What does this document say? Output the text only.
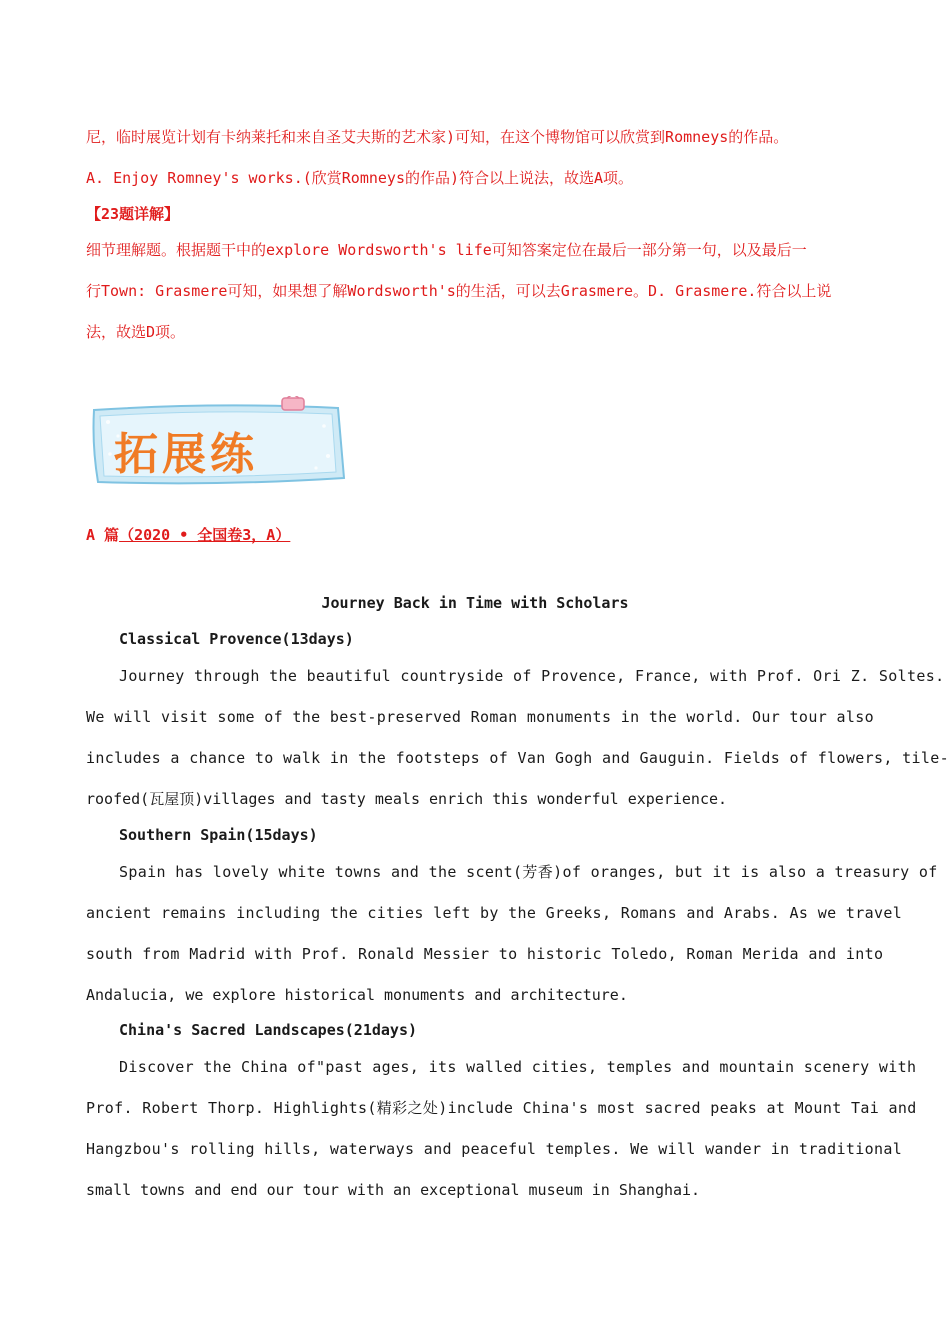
尼，临时展览计划有卡纳莱托和来自圣艾夫斯的艺术家)可知，在这个博物馆可以欣赏到Romneys的作品。
A. Enjoy Romney's works.(欣赏Romneys的作品)符合以上说法，故选A项。
【23题详解】
细节理解题。根据题干中的explore Wordsworth's life可知答案定位在最后一部分第一句，以及最后一
行Town: Grasmere可知，如果想了解Wordsworth's的生活，可以去Grasmere。D. Grasmere.符合以上说
法，故选D项。
拓展练
A 篇（2020 • 全国卷3，A）
Journey Back in Time with Scholars
Classical Provence(13days)
Journey through the beautiful countryside of Provence, France, with Prof. Ori Z. Soltes.
We will visit some of the best-preserved Roman monuments in the world. Our tour also
includes a chance to walk in the footsteps of Van Gogh and Gauguin. Fields of flowers, tile-
roofed(瓦屋顶)villages and tasty meals enrich this wonderful experience.
Southern Spain(15days)
Spain has lovely white towns and the scent(芳香)of oranges, but it is also a treasury of
ancient remains including the cities left by the Greeks, Romans and Arabs. As we travel
south from Madrid with Prof. Ronald Messier to historic Toledo, Roman Merida and into
Andalucia, we explore historical monuments and architecture.
China's Sacred Landscapes(21days)
Discover the China of"past ages, its walled cities, temples and mountain scenery with
Prof. Robert Thorp. Highlights(精彩之处)include China's most sacred peaks at Mount Tai and
Hangzbou's rolling hills, waterways and peaceful temples. We will wander in traditional
small towns and end our tour with an exceptional museum in Shanghai.
